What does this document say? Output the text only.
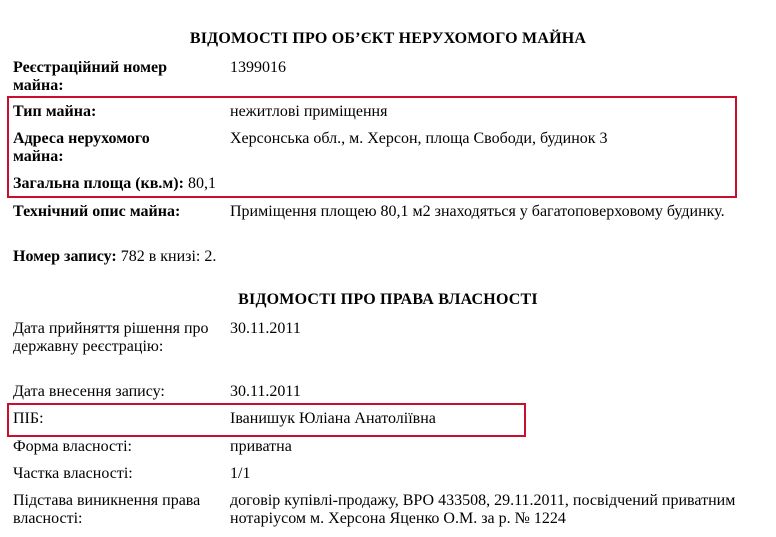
ВІДОМОСТІ ПРО ОБ’ЄКТ НЕРУХОМОГО МАЙНА
Реєстраційний номер майна:
1399016
Тип майна:	нежитлові приміщення
Адреса нерухомого майна:
Херсонська обл., м. Херсон, площа Свободи, будинок 3
Загальна площа (кв.м): 80,1
Технічний опис майна:	Приміщення площею 80,1 м2 знаходяться у багатоповерховому будинку.
Номер запису: 782 в книзі: 2.
ВІДОМОСТІ ПРО ПРАВА ВЛАСНОСТІ
Дата прийняття рішення про державну реєстрацію:
30.11.2011
Дата внесення запису:	30.11.2011
ПІБ:	Іванишук Юліана Анатоліївна
Форма власності:	приватна
Частка власності:	1/1
Підстава виникнення права власності:
договір купівлі-продажу, ВРО 433508, 29.11.2011, посвідчений приватним нотаріусом м. Херсона Яценко О.М. за р. № 1224
